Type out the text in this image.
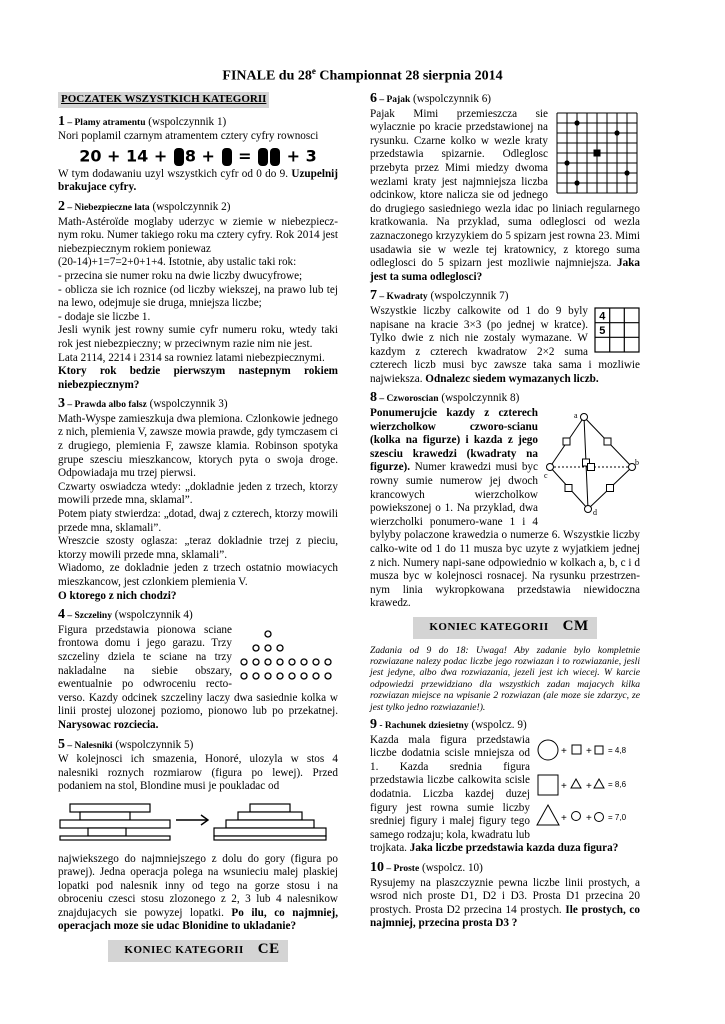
FINALE du 28e Championnat 28 sierpnia 2014
POCZATEK WSZYSTKICH KATEGORII
1 – Plamy atramentu (wspolczynnik 1)

Nori poplamil czarnym atramentem cztery cyfry rownosci

20 + 14 + 8 +  =  + 3

W tym dodawaniu uzyl wszystkich cyfr od 0 do 9. Uzupelnij brakujace cyfry.

2 – Niebezpieczne lata (wspolczynnik 2)

Math-Astéroïde moglaby uderzyc w ziemie w niebezpiecz-nym roku. Numer takiego roku ma cztery cyfry. Rok 2014 jest niebezpiecznym rokiem poniewaz

(20-14)+1=7=2+0+1+4. Istotnie, aby ustalic taki rok:

- przecina sie numer roku na dwie liczby dwucyfrowe;

- oblicza sie ich roznice (od liczby wiekszej, na prawo lub tej na lewo, odejmuje sie druga, mniejsza liczbe;

- dodaje sie liczbe 1.

Jesli wynik jest rowny sumie cyfr numeru roku, wtedy taki rok jest niebezpieczny; w przeciwnym razie nim nie jest.

Lata 2114, 2214 i 2314 sa rowniez latami niebezpiecznymi.

Ktory rok bedzie pierwszym nastepnym rokiem niebezpiecznym?

3 – Prawda albo falsz (wspolczynnik 3)

Math-Wyspe zamieszkuja dwa plemiona. Czlonkowie jednego z nich, plemienia V, zawsze mowia prawde, gdy tymczasem ci z drugiego, plemienia F, zawsze klamia. Robinson spotyka grupe szesciu mieszkancow, ktorych pyta o swoja droge. Odpowiadaja mu trzej pierwsi.

Czwarty oswiadcza wtedy: „dokladnie jeden z trzech, ktorzy mowili przede mna, sklamal”.

Potem piaty stwierdza: „dotad, dwaj z czterech, ktorzy mowili przede mna, sklamali”.

Wreszcie szosty oglasza: „teraz dokladnie trzej z pieciu, ktorzy mowili przede mna, sklamali”.

Wiadomo, ze dokladnie jeden z trzech ostatnio mowiacych mieszkancow, jest czlonkiem plemienia V.

O ktorego z nich chodzi?

4 – Szczeliny (wspolczynnik 4)

Figura przedstawia pionowa sciane frontowa domu i jego garazu. Trzy szczeliny dziela te sciane na trzy nakladalne na siebie obszary, ewentualnie po odwroceniu recto-verso. Kazdy odcinek szczeliny laczy dwa sasiednie kolka w linii prostej ulozonej poziomo, pionowo lub po przekatnej. Narysowac rozciecia.

5 – Nalesniki (wspolczynnik 5)

W kolejnosci ich smazenia, Honoré, ulozyla w stos 4 nalesniki roznych rozmiarow (figura po lewej). Przed podaniem na stol, Blondine musi je poukladac od

najwiekszego do najmniejszego z dolu do gory (figura po prawej). Jedna operacja polega na wsunieciu malej plaskiej lopatki pod nalesnik inny od tego na gorze stosu i na obroceniu czesci stosu zlozonego z 2, 3 lub 4 nalesnikow znajdujacych sie powyzej lopatki. Po ilu, co najmniej, operacjach moze sie udac Blonidine to ukladanie?

KONIEC KATEGORII CE
6 – Pajak (wspolczynnik 6)

Pajak Mimi przemieszcza sie wylacznie po kracie przedstawionej na rysunku. Czarne kolko w wezle kraty przedstawia spizarnie. Odleglosc przebyta przez Mimi miedzy dwoma wezlami kraty jest najmniejsza liczba odcinkow, ktore nalicza sie od jednego do drugiego sasiedniego wezla idac po liniach regularnego kratkowania. Na przyklad, suma odleglosci od wezla zaznaczonego krzyzykiem do 5 spizarn jest rowna 23. Mimi usadawia sie w wezle tej kratownicy, z ktorego suma odleglosci do 5 spizarn jest mozliwie najmniejsza. Jaka jest ta suma odleglosci?

7 – Kwadraty (wspolczynnik 7)

4
5
Wszystkie liczby calkowite od 1 do 9 byly napisane na kracie 3×3 (po jednej w kratce). Tylko dwie z nich nie zostaly wymazane. W kazdym z czterech kwadratow 2×2 suma czterech liczb musi byc zawsze taka sama i mozliwie najwieksza. Odnalezc siedem wymazanych liczb.

8 – Czworoscian (wspolczynnik 8)

a
b
c
d
Ponumerujcie kazdy z czterech wierzcholkow czworo-scianu (kolka na figurze) i kazda z jego szesciu krawedzi (kwadraty na figurze). Numer krawedzi musi byc rowny sumie numerow jej dwoch krancowych wierzcholkow powiekszonej o 1. Na przyklad, dwa wierzcholki ponumero-wane 1 i 4 bylyby polaczone krawedzia o numerze 6. Wszystkie liczby calko-wite od 1 do 11 musza byc uzyte z wyjatkiem jednej z nich. Numery napi-sane odpowiednio w kolkach a, b, c i d musza byc w kolejnosci rosnacej. Na rysunku przestrzen-nym linia wykropkowana przedstawia niewidoczna krawedz.

KONIEC KATEGORII CM

Zadania od 9 do 18: Uwaga! Aby zadanie bylo kompletnie rozwiazane nalezy podac liczbe jego rozwiazan i to rozwiazanie, jesli jest jedyne, albo dwa rozwiazania, jezeli jest ich wiecej. W karcie odpowiedzi przewidziano dla wszystkich zadan majacych kilka rozwiazan miejsce na wpisanie 2 rozwiazan (ale moze sie zdarzyc, ze jest tylko jedno rozwiazanie!).

9 - Rachunek dziesietny (wspolcz. 9)

+ +
+ +
+ +
= 4,8
= 8,6
= 7,0
Kazda mala figura przedstawia liczbe dodatnia scisle mniejsza od 1. Kazda srednia figura przedstawia liczbe calkowita scisle dodatnia. Liczba kazdej duzej figury jest rowna sumie liczby sredniej figury i malej figury tego samego rodzaju; kola, kwadratu lub trojkata. Jaka liczbe przedstawia kazda duza figura?

10 – Proste (wspolcz. 10)

Rysujemy na plaszczyznie pewna liczbe linii prostych, a wsrod nich proste D1, D2 i D3. Prosta D1 przecina 20 prostych. Prosta D2 przecina 14 prostych. Ile prostych, co najmniej, przecina prosta D3 ?
